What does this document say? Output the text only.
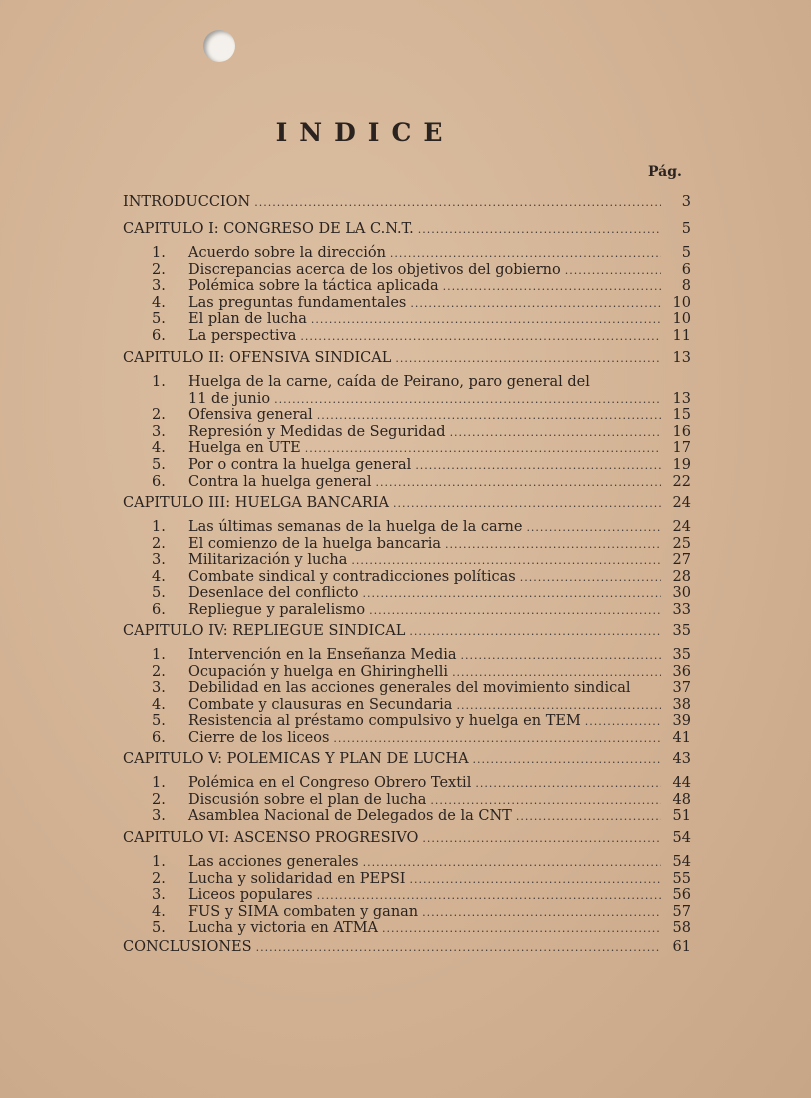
INDICE
Pág.
INTRODUCCION .....	3
CAPITULO I: CONGRESO DE LA C.N.T. .....	5
1.	Acuerdo sobre la dirección .....	5
2.	Discrepancias acerca de los objetivos del gobierno .....	6
3.	Polémica sobre la táctica aplicada .....	8
4.	Las preguntas fundamentales .....	10
5.	El plan de lucha .....	10
6.	La perspectiva .....	11
CAPITULO II: OFENSIVA SINDICAL .....	13
1.	Huelga de la carne, caída de Peirano, paro general del
11 de junio .....	13
2.	Ofensiva general .....	15
3.	Represión y Medidas de Seguridad .....	16
4.	Huelga en UTE .....	17
5.	Por o contra la huelga general .....	19
6.	Contra la huelga general .....	22
CAPITULO III: HUELGA BANCARIA .....	24
1.	Las últimas semanas de la huelga de la carne .....	24
2.	El comienzo de la huelga bancaria .....	25
3.	Militarización y lucha .....	27
4.	Combate sindical y contradicciones políticas .....	28
5.	Desenlace del conflicto .....	30
6.	Repliegue y paralelismo .....	33
CAPITULO IV: REPLIEGUE SINDICAL .....	35
1.	Intervención en la Enseñanza Media .....	35
2.	Ocupación y huelga en Ghiringhelli .....	36
3.	Debilidad en las acciones generales del movimiento sindical	37
4.	Combate y clausuras en Secundaria .....	38
5.	Resistencia al préstamo compulsivo y huelga en TEM .....	39
6.	Cierre de los liceos .....	41
CAPITULO V: POLEMICAS Y PLAN DE LUCHA .....	43
1.	Polémica en el Congreso Obrero Textil .....	44
2.	Discusión sobre el plan de lucha .....	48
3.	Asamblea Nacional de Delegados de la CNT .....	51
CAPITULO VI: ASCENSO PROGRESIVO .....	54
1.	Las acciones generales .....	54
2.	Lucha y solidaridad en PEPSI .....	55
3.	Liceos populares .....	56
4.	FUS y SIMA combaten y ganan .....	57
5.	Lucha y victoria en ATMA .....	58
CONCLUSIONES .....	61
